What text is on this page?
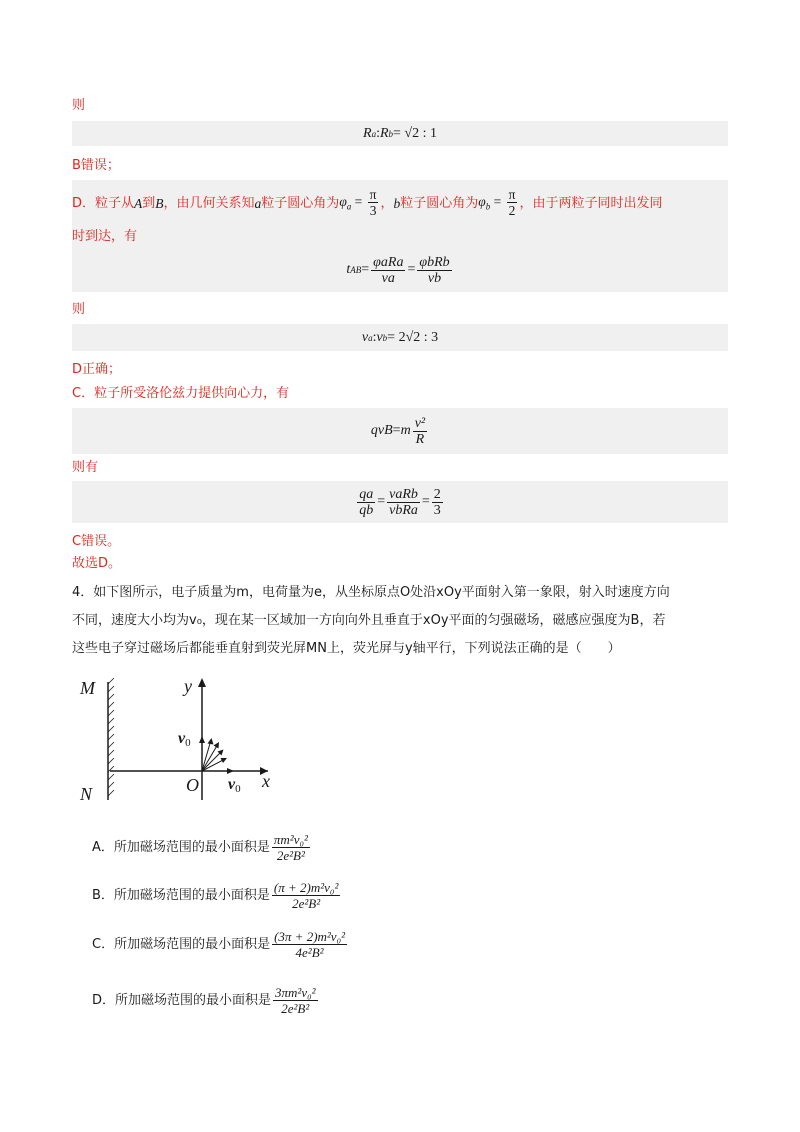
则
R a : R b = √2 : 1
B错误；
D．粒子从 A 到 B ，由几何关系知 a 粒子圆心角为 $\varphi_a = \frac{\pi}{3}$ ， b 粒子圆心角为 $\varphi_b = \frac{\pi}{2}$ ，由于两粒子同时出发同
时到达，有
t AB = $\frac{\text{φaRa}}{va} = \frac{\text{φbRb}}{vb}$
则
v a : v b = 2√2 : 3
D正确；
C．粒子所受洛伦兹力提供向心力，有
qvB = m $\frac{\text{v²}}{R}$
则有
$\frac{qa}{qb} = \frac{\text{vaRb}}{\text{vbRa}} = \frac{2}{3}$
C错误。
故选D。
4．如下图所示，电子质量为m，电荷量为e，从坐标原点O处沿xOy平面射入第一象限，射入时速度方向
不同，速度大小均为v₀，现在某一区域加一方向向外且垂直于xOy平面的匀强磁场，磁感应强度为B，若
这些电子穿过磁场后都能垂直射到荧光屏MN上，荧光屏与y轴平行，下列说法正确的是（　　）
M
N
x
y
O
v0
v0
A．所加磁场范围的最小面积是 $\frac{\text{πm²v₀²}}{\text{2e²B²}}$
B．所加磁场范围的最小面积是 $\frac{\text{(π + 2)m²v₀²}}{\text{2e²B²}}$
C．所加磁场范围的最小面积是 $\frac{\text{(3π + 2)m²v₀²}}{\text{4e²B²}}$
D．所加磁场范围的最小面积是 $\frac{\text{3πm²v₀²}}{\text{2e²B²}}$
